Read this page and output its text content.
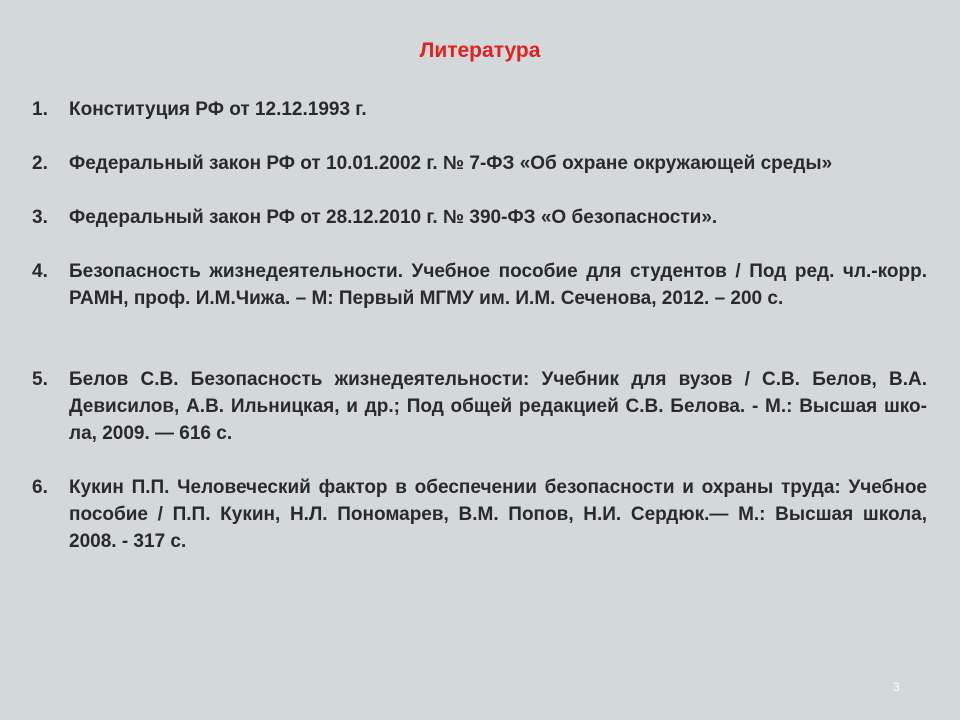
Литература
1. Конституция РФ от 12.12.1993 г.
2. Федеральный закон РФ от 10.01.2002 г. № 7-ФЗ «Об охране окружающей среды»
3. Федеральный закон РФ от 28.12.2010 г. № 390-ФЗ «О безопасности».
4. Безопасность жизнедеятельности. Учебное пособие для студентов / Под ред. чл.-корр. РАМН, проф. И.М.Чижа. – М: Первый МГМУ им. И.М. Сеченова, 2012. – 200 с.
5. Белов С.В. Безопасность жизнедеятельности: Учебник для вузов / С.В. Белов, В.А. Девисилов, А.В. Ильницкая, и др.; Под общей редакцией С.В. Белова. - М.: Высшая шко-ла, 2009. — 616 с.
6. Кукин П.П. Человеческий фактор в обеспечении безопасности и охраны труда: Учебное пособие / П.П. Кукин, Н.Л. Пономарев, В.М. Попов, Н.И. Сердюк.— М.: Высшая школа, 2008. - 317 с.
3
